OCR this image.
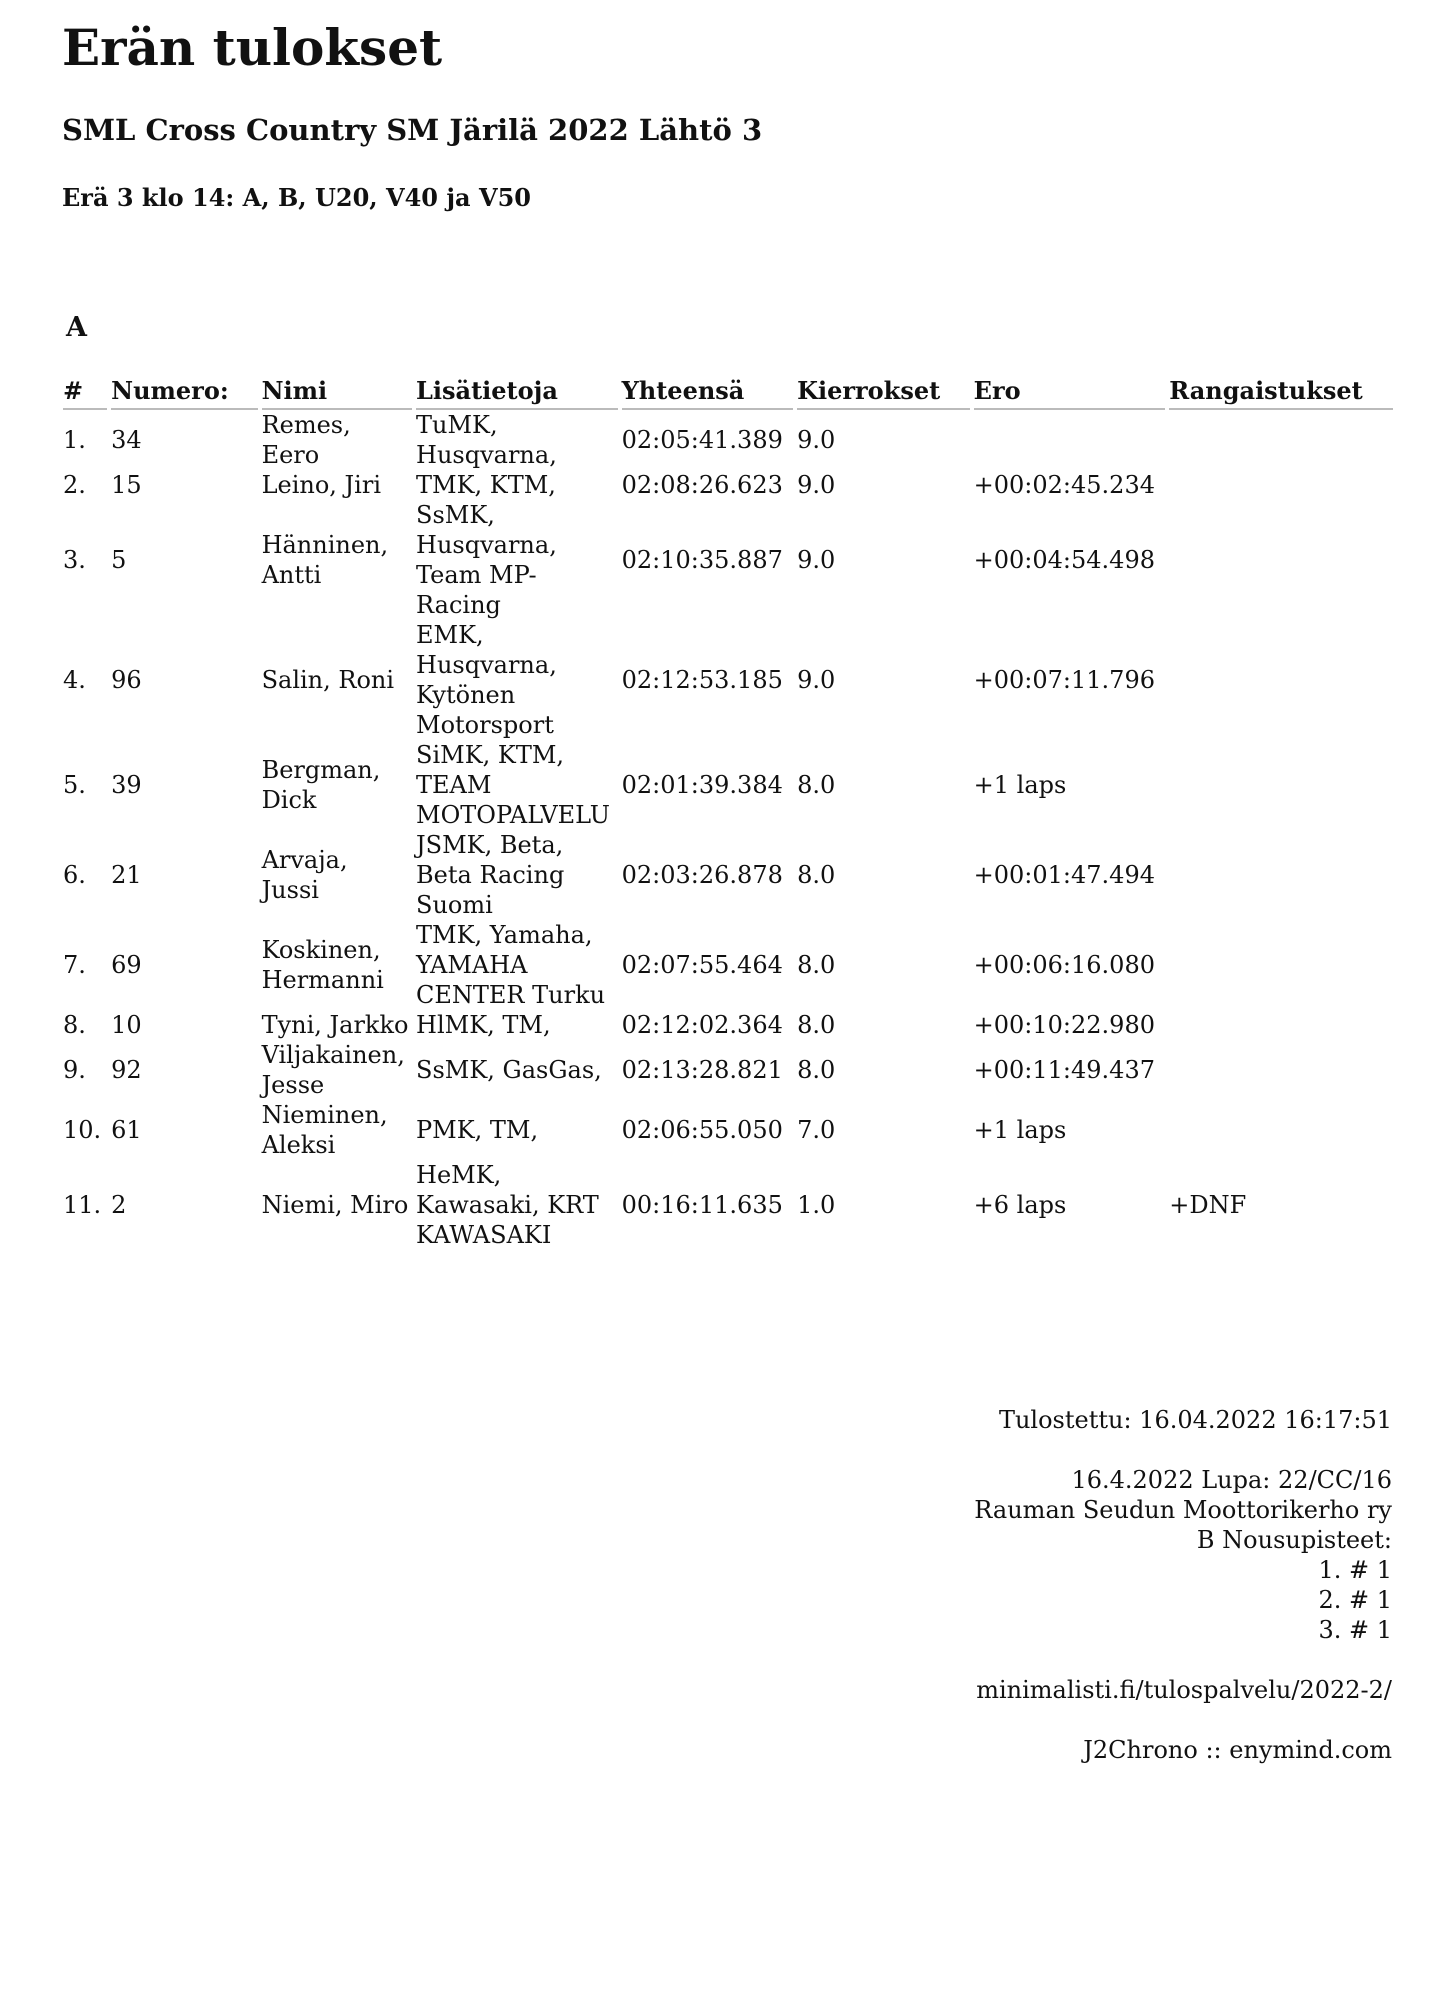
Erän tulokset
SML Cross Country SM Järilä 2022 Lähtö 3
Erä 3 klo 14: A, B, U20, V40 ja V50
A
#	Numero:	Nimi	Lisätietoja	Yhteensä	Kierrokset	Ero	Rangaistukset
1.	34	Remes, Eero	TuMK, Husqvarna,	02:05:41.389	9.0		
2.	15	Leino, Jiri	TMK, KTM,	02:08:26.623	9.0	+00:02:45.234	
3.	5	Hänninen, Antti	SsMK, Husqvarna, Team MP-Racing	02:10:35.887	9.0	+00:04:54.498	
4.	96	Salin, Roni	EMK, Husqvarna, Kytönen Motorsport	02:12:53.185	9.0	+00:07:11.796	
5.	39	Bergman, Dick	SiMK, KTM, TEAM MOTOPALVELU	02:01:39.384	8.0	+1 laps	
6.	21	Arvaja, Jussi	JSMK, Beta, Beta Racing Suomi	02:03:26.878	8.0	+00:01:47.494	
7.	69	Koskinen, Hermanni	TMK, Yamaha, YAMAHA CENTER Turku	02:07:55.464	8.0	+00:06:16.080	
8.	10	Tyni, Jarkko	HlMK, TM,	02:12:02.364	8.0	+00:10:22.980	
9.	92	Viljakainen, Jesse	SsMK, GasGas,	02:13:28.821	8.0	+00:11:49.437	
10.	61	Nieminen, Aleksi	PMK, TM,	02:06:55.050	7.0	+1 laps	
11.	2	Niemi, Miro	HeMK, Kawasaki, KRT KAWASAKI	00:16:11.635	1.0	+6 laps	+DNF
Tulostettu: 16.04.2022 16:17:51
16.4.2022 Lupa: 22/CC/16
Rauman Seudun Moottorikerho ry
B Nousupisteet:
1. # 1
2. # 1
3. # 1
minimalisti.fi/tulospalvelu/2022-2/
J2Chrono :: enymind.com
